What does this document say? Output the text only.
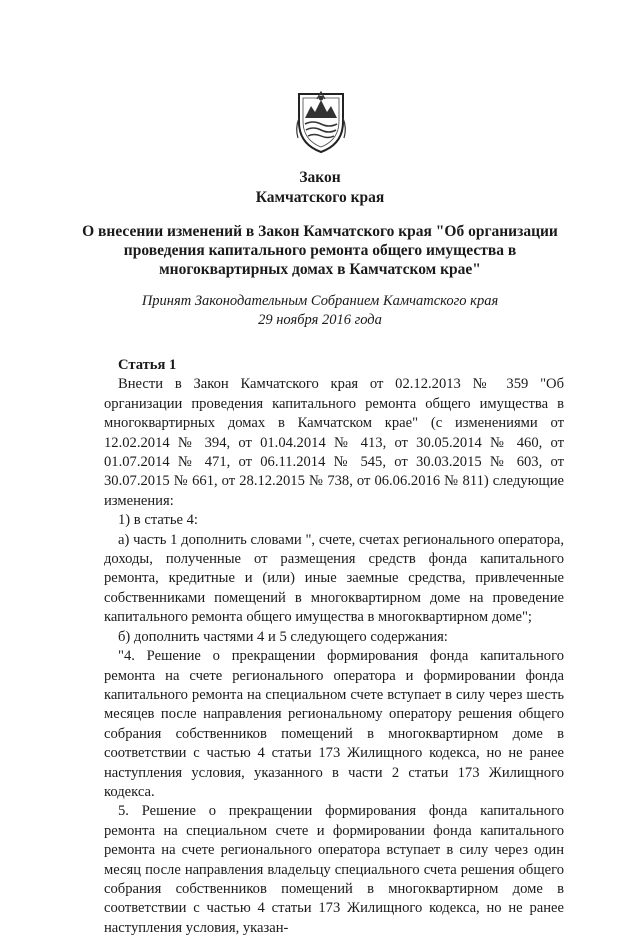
Закон
Камчатского края
О внесении изменений в Закон Камчатского края "Об организации проведения капитального ремонта общего имущества в многоквартирных домах в Камчатском крае"
Принят Законодательным Собранием Камчатского края
29 ноября 2016 года
Статья 1

Внести в Закон Камчатского края от 02.12.2013 № 359 "Об организации проведения капитального ремонта общего имущества в многоквартирных домах в Камчатском крае" (с изменениями от 12.02.2014 № 394, от 01.04.2014 № 413, от 30.05.2014 № 460, от 01.07.2014 № 471, от 06.11.2014 № 545, от 30.03.2015 № 603, от 30.07.2015 № 661, от 28.12.2015 № 738, от 06.06.2016 № 811) следующие изменения:

1) в статье 4:

а) часть 1 дополнить словами ", счете, счетах регионального оператора, доходы, полученные от размещения средств фонда капитального ремонта, кредитные и (или) иные заемные средства, привлеченные собственниками помещений в многоквартирном доме на проведение капитального ремонта общего имущества в многоквартирном доме";

б) дополнить частями 4 и 5 следующего содержания:

"4. Решение о прекращении формирования фонда капитального ремонта на счете регионального оператора и формировании фонда капитального ремонта на специальном счете вступает в силу через шесть месяцев после направления региональному оператору решения общего собрания собственников помещений в многоквартирном доме в соответствии с частью 4 статьи 173 Жилищного кодекса, но не ранее наступления условия, указанного в части 2 статьи 173 Жилищного кодекса.

5. Решение о прекращении формирования фонда капитального ремонта на специальном счете и формировании фонда капитального ремонта на счете регионального оператора вступает в силу через один месяц после направления владельцу специального счета решения общего собрания собственников помещений в многоквартирном доме в соответствии с частью 4 статьи 173 Жилищного кодекса, но не ранее наступления условия, указан-
